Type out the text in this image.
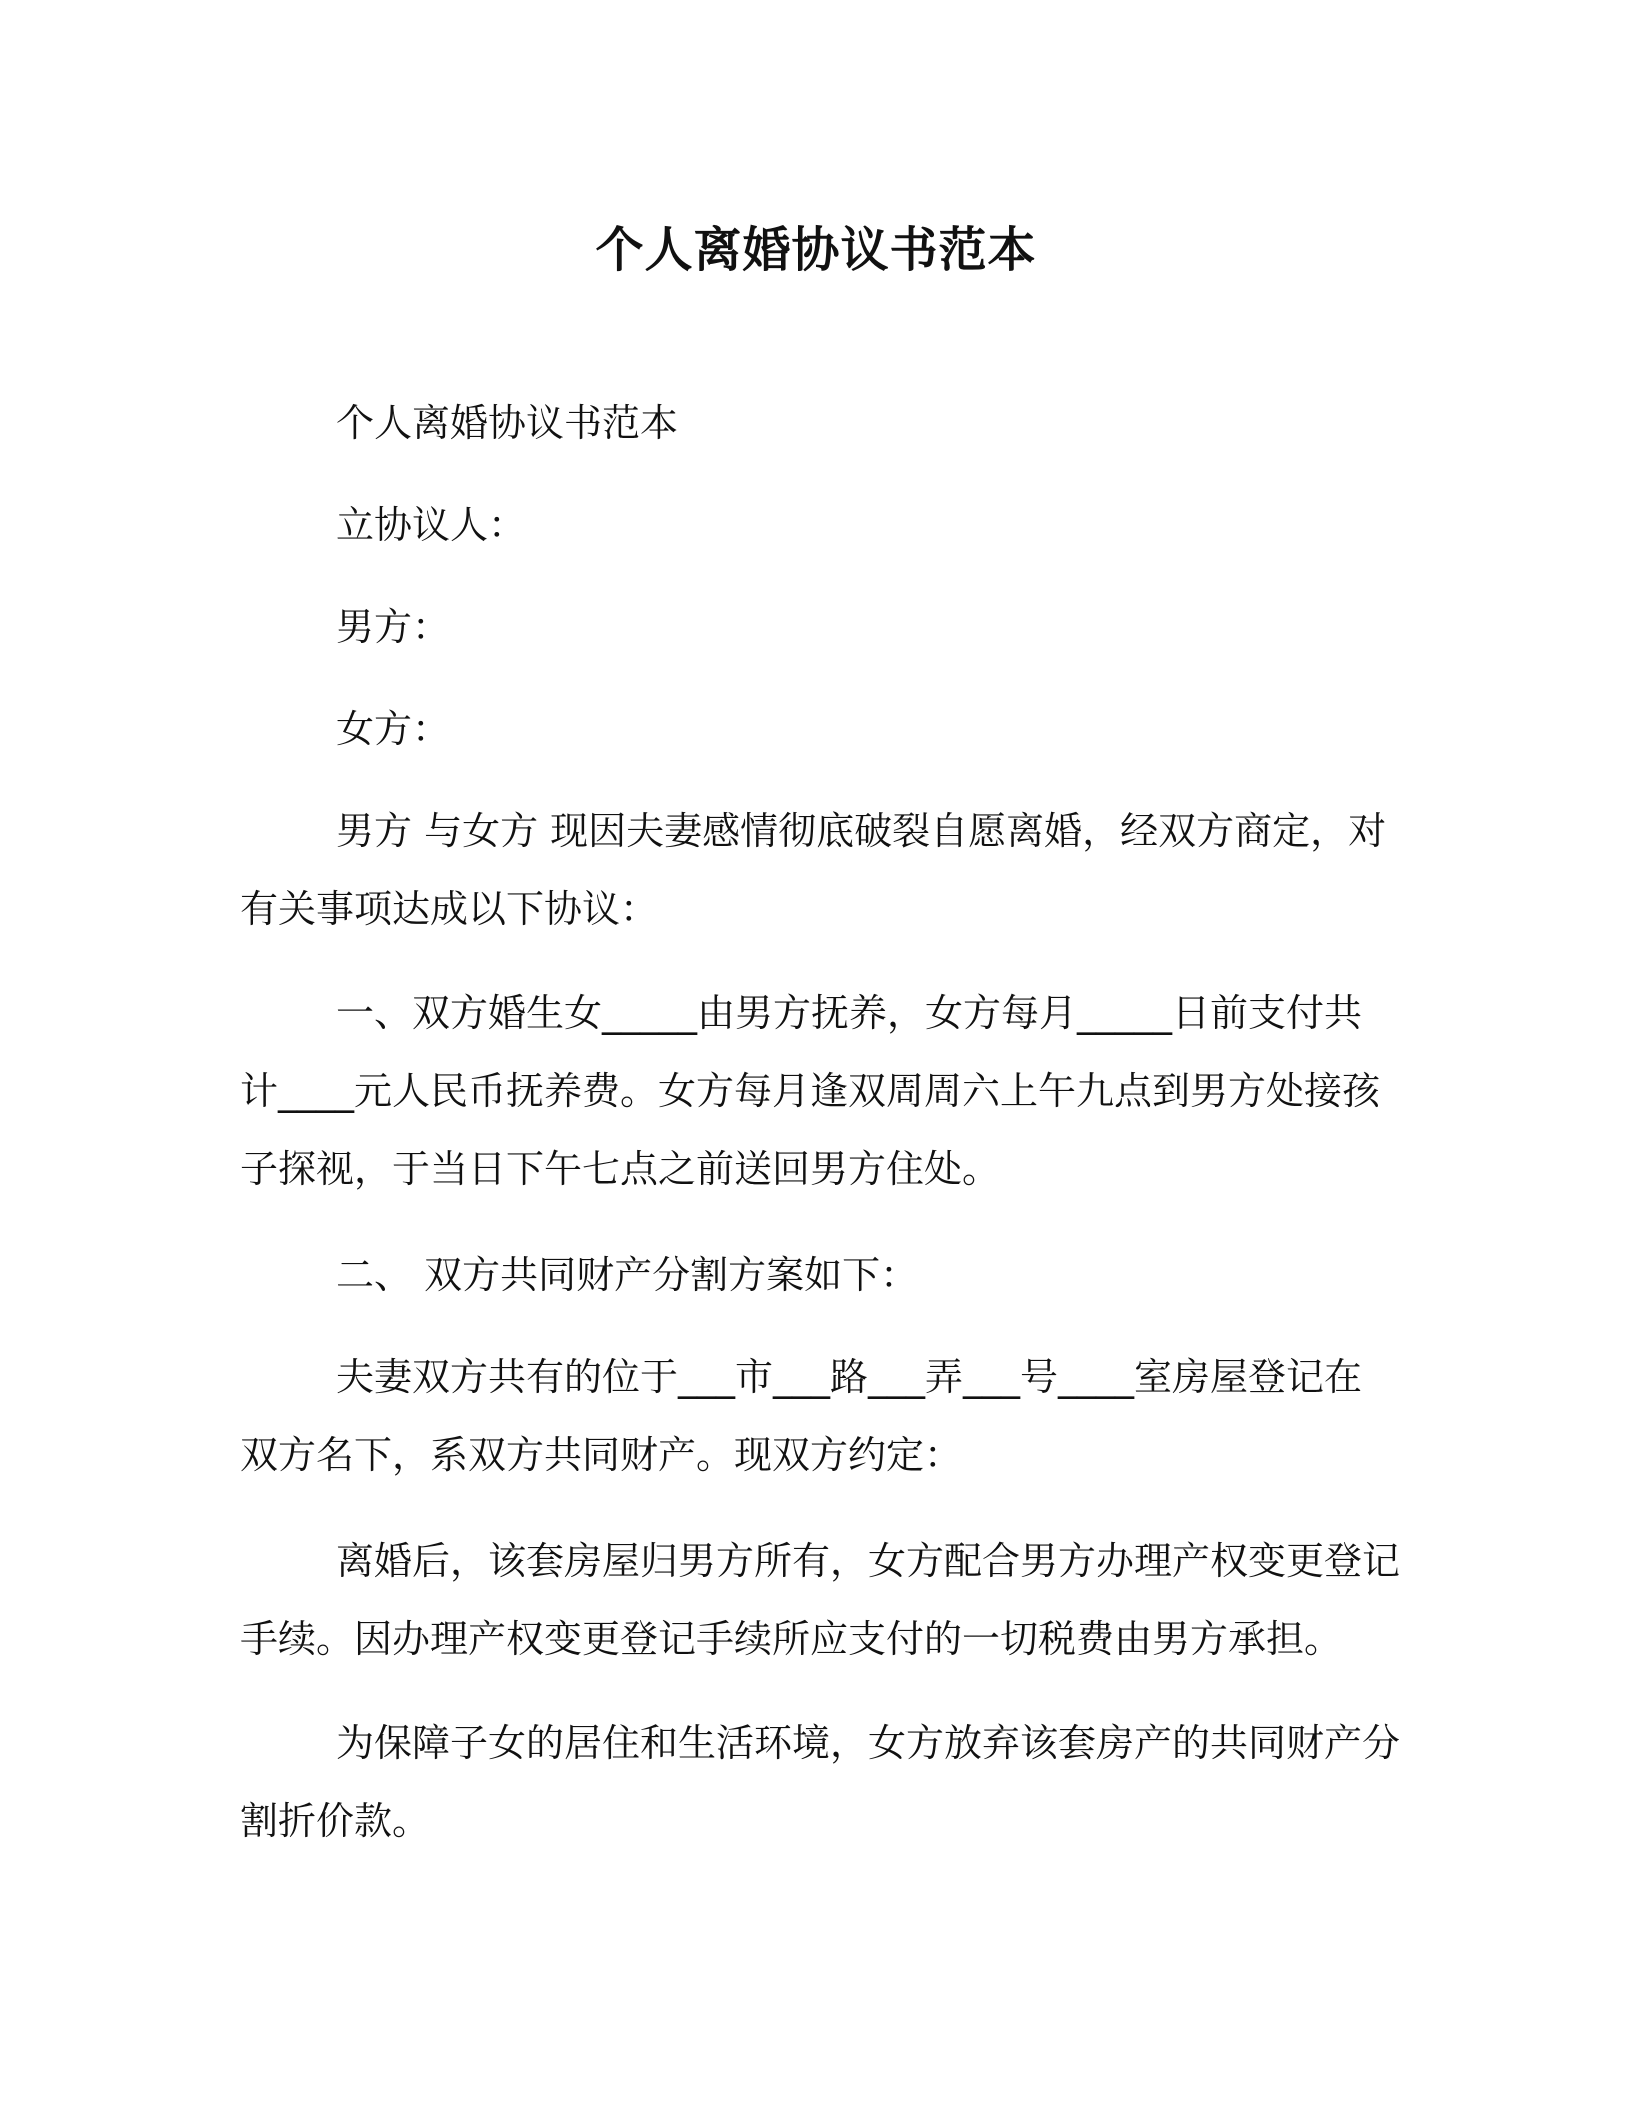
个人离婚协议书范本
个人离婚协议书范本
立协议人：
男方：
女方：
男方 与女方 现因夫妻感情彻底破裂自愿离婚，经双方商定，对
有关事项达成以下协议：
一、双方婚生女_____由男方抚养，女方每月_____日前支付共
计____元人民币抚养费。女方每月逢双周周六上午九点到男方处接孩
子探视，于当日下午七点之前送回男方住处。
二、 双方共同财产分割方案如下：
夫妻双方共有的位于___市___路___弄___号____室房屋登记在
双方名下，系双方共同财产。现双方约定：
离婚后，该套房屋归男方所有，女方配合男方办理产权变更登记
手续。因办理产权变更登记手续所应支付的一切税费由男方承担。
为保障子女的居住和生活环境，女方放弃该套房产的共同财产分
割折价款。
